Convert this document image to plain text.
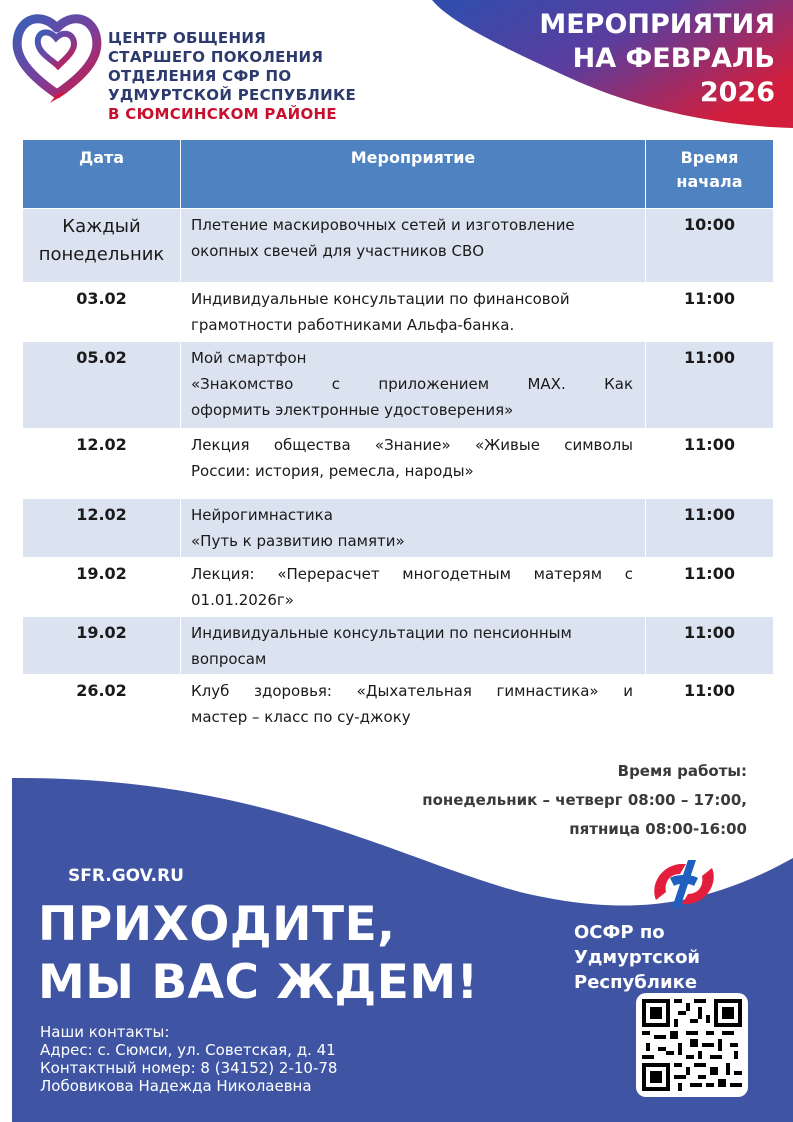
ЦЕНТР ОБЩЕНИЯ
СТАРШЕГО ПОКОЛЕНИЯ
ОТДЕЛЕНИЯ СФР ПО
УДМУРТСКОЙ РЕСПУБЛИКЕ
В СЮМСИНСКОМ РАЙОНЕ
МЕРОПРИЯТИЯ
НА ФЕВРАЛЬ
2026
Дата	Мероприятие	Время
начала
Каждый
понедельник	Плетение маскировочных сетей и изготовление
окопных свечей для участников СВО	10:00
03.02	Индивидуальные консультации по финансовой
грамотности работниками Альфа-банка.	11:00
05.02	Мой смартфон
«Знакомство с приложением MAX. Как
оформить электронные удостоверения»	11:00
12.02	Лекция общества «Знание» «Живые символы
России: история, ремесла, народы»	11:00
12.02	Нейрогимнастика
«Путь к развитию памяти»	11:00
19.02	Лекция: «Перерасчет многодетным матерям с
01.01.2026г»	11:00
19.02	Индивидуальные консультации по пенсионным
вопросам	11:00
26.02	Клуб здоровья: «Дыхательная гимнастика» и
мастер – класс по су-джоку	11:00
Время работы:
понедельник – четверг 08:00 – 17:00,
пятница 08:00-16:00
SFR.GOV.RU
ПРИХОДИТЕ,
МЫ ВАС ЖДЕМ!
ОСФР по
Удмуртской
Республике
Наши контакты:
Адрес: с. Сюмси, ул. Советская, д. 41
Контактный номер: 8 (34152) 2-10-78
Лобовикова Надежда Николаевна
